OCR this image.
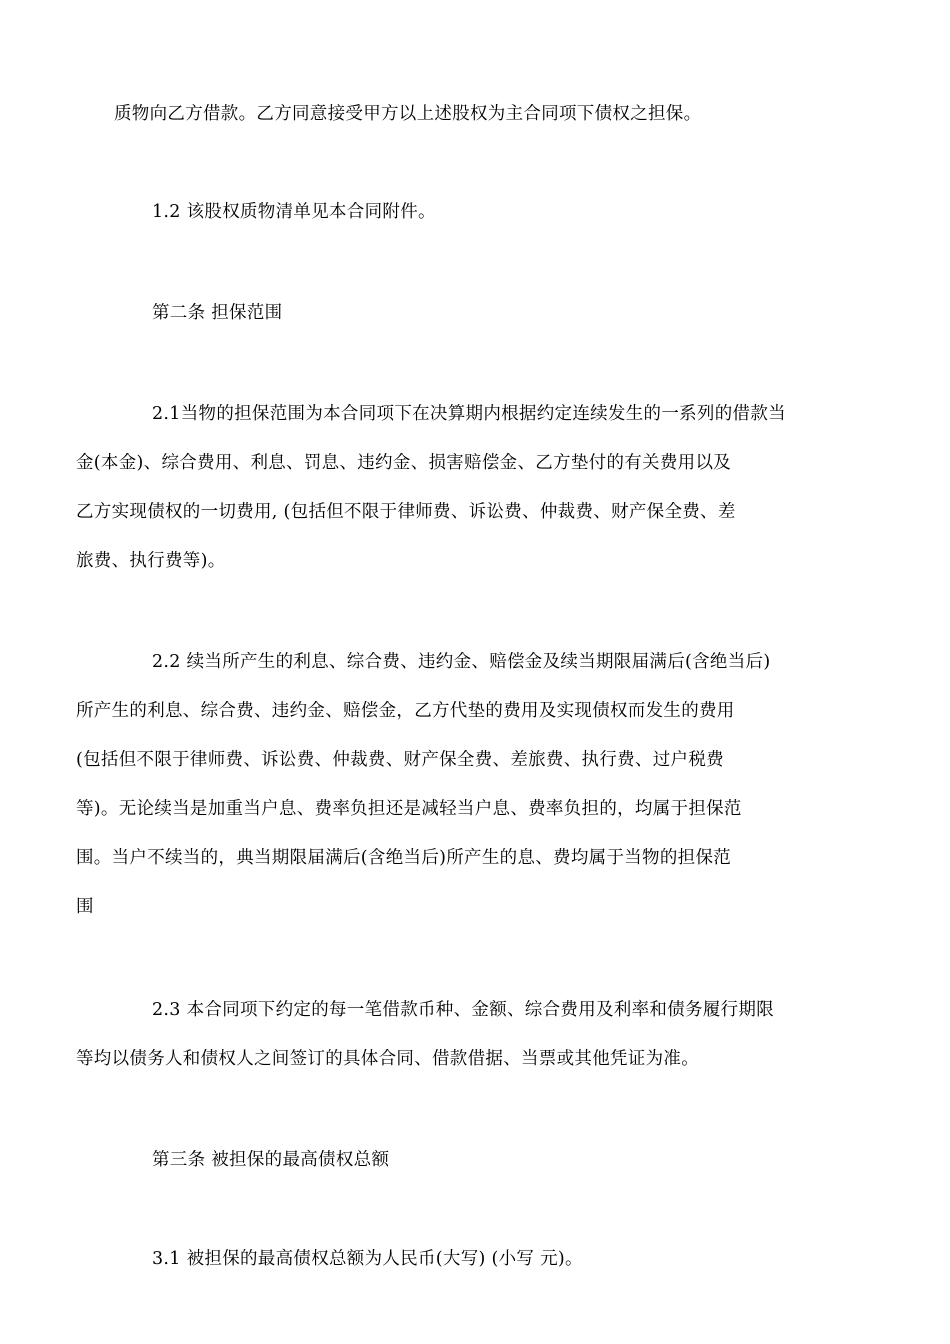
质物向乙方借款。乙方同意接受甲方以上述股权为主合同项下债权之担保。

1.2 该股权质物清单见本合同附件。

第二条 担保范围

2.1当物的担保范围为本合同项下在决算期内根据约定连续发生的一系列的借款当
金(本金)、综合费用、利息、罚息、违约金、损害赔偿金、乙方垫付的有关费用以及
乙方实现债权的一切费用, (包括但不限于律师费、诉讼费、仲裁费、财产保全费、差
旅费、执行费等)。

2.2 续当所产生的利息、综合费、违约金、赔偿金及续当期限届满后(含绝当后)
所产生的利息、综合费、违约金、赔偿金，乙方代垫的费用及实现债权而发生的费用
(包括但不限于律师费、诉讼费、仲裁费、财产保全费、差旅费、执行费、过户税费
等)。无论续当是加重当户息、费率负担还是减轻当户息、费率负担的，均属于担保范
围。当户不续当的，典当期限届满后(含绝当后)所产生的息、费均属于当物的担保范
围

2.3 本合同项下约定的每一笔借款币种、金额、综合费用及利率和债务履行期限
等均以债务人和债权人之间签订的具体合同、借款借据、当票或其他凭证为准。

第三条 被担保的最高债权总额

3.1 被担保的最高债权总额为人民币(大写) (小写 元)。
